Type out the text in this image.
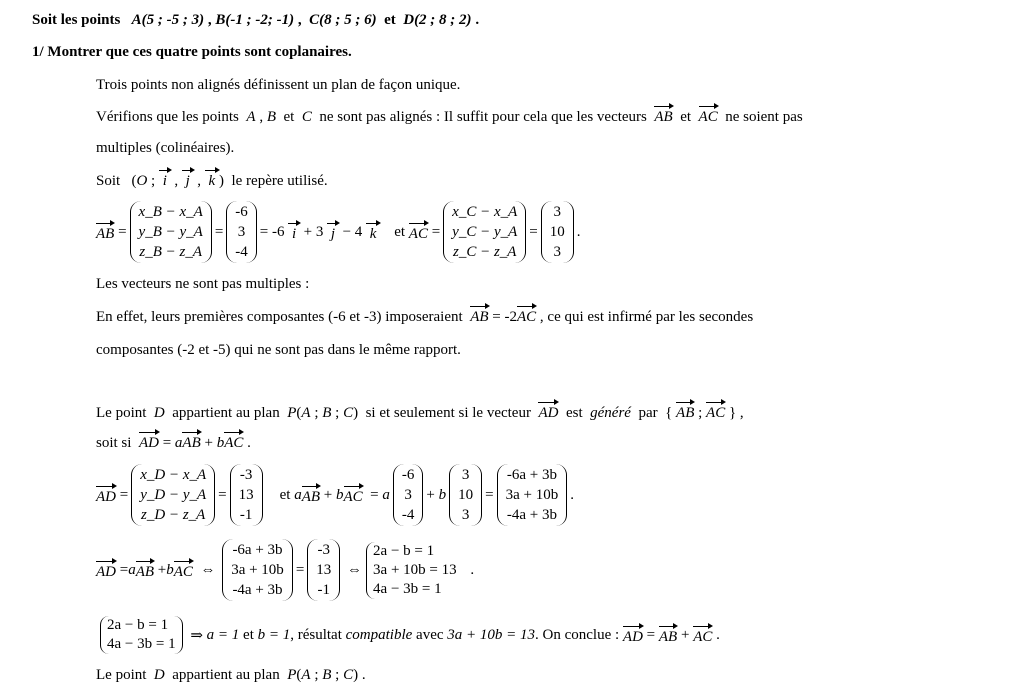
Soit les points A(5 ; -5 ; 3) , B(-1 ; -2; -1) ,  C(8 ; 5 ; 6) et D(2 ; 8 ; 2) .
1/ Montrer que ces quatre points sont coplanaires.
Trois points non alignés définissent un plan de façon unique.
Vérifions que les points A , B  et  C ne sont pas alignés : Il suffit pour cela que les vecteurs AB  et  AC ne soient pas
multiples (colinéaires).
Soit   (O ;  i  ,  j  ,  k )  le repère utilisé.
AB =
x_B − x_A
y_B − y_A
z_B − z_A
=
-6
3
-4
= -6
i
+ 3
j
− 4
k et
AC =
x_C − x_A
y_C − y_A
z_C − z_A
=
3
10
3
.
Les vecteurs ne sont pas multiples :
En effet, leurs premières composantes (-6 et -3) imposeraient AB = -2AC , ce qui est infirmé par les secondes
composantes (-2 et -5) qui ne sont pas dans le même rapport.
Le point D appartient au plan P(A ; B ; C)  si et seulement si le vecteur AD est généré par  { AB ; AC } ,
soit si AD = aAB + bAC .
AD =
x_D − x_A
y_D − y_A
z_D − z_A
=
-3
13
-1
et
a AB + b AC = a
-6
3
-4
+ b
3
10
3
=
-6a + 3b
3a + 10b
-4a + 3b
.
AD = a AB + b AC ⇔
-6a + 3b
3a + 10b
-4a + 3b
=
-3
13
-1
⇔
2a − b = 1
3a + 10b = 13
4a − 3b = 1
.
2a − b = 1
4a − 3b = 1
⇒ a = 1
et
b = 1 , résultat
compatible
avec
3a + 10b = 13 . On conclue :
AD = AB + AC .
Le point D appartient au plan P(A ; B ; C) .
